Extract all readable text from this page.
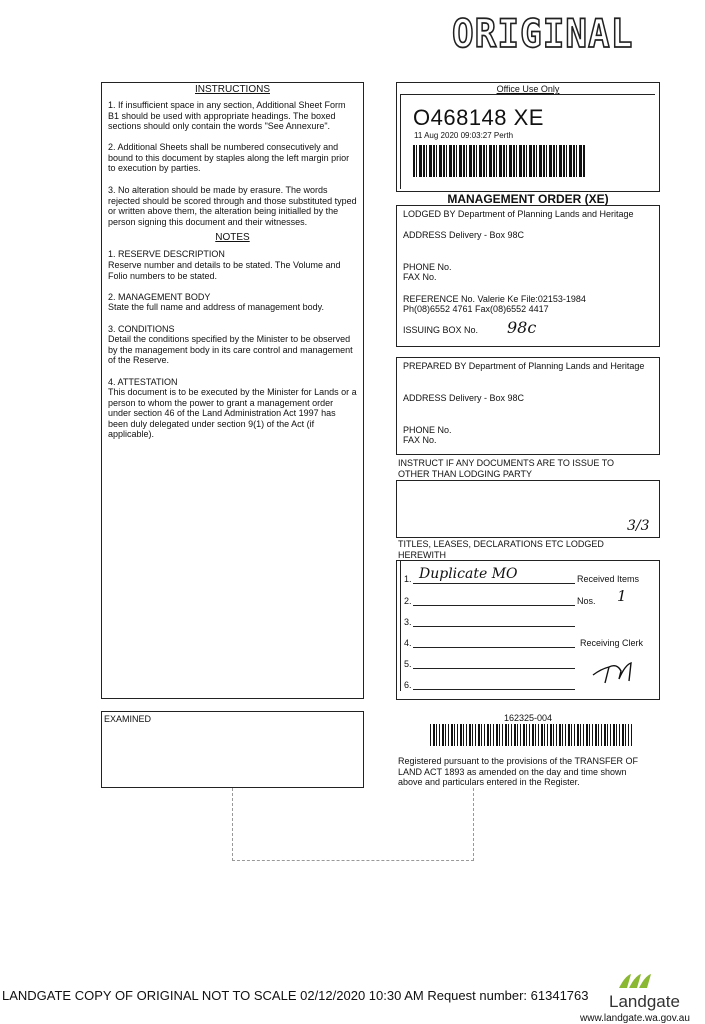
ORIGINAL
INSTRUCTIONS
1. If insufficient space in any section, Additional Sheet Form B1 should be used with appropriate headings. The boxed sections should only contain the words "See Annexure".
2. Additional Sheets shall be numbered consecutively and bound to this document by staples along the left margin prior to execution by parties.
3. No alteration should be made by erasure. The words rejected should be scored through and those substituted typed or written above them, the alteration being initialled by the person signing this document and their witnesses.
NOTES
1. RESERVE DESCRIPTION
Reserve number and details to be stated. The Volume and Folio numbers to be stated.
2. MANAGEMENT BODY
State the full name and address of management body.
3. CONDITIONS
Detail the conditions specified by the Minister to be observed by the management body in its care control and management of the Reserve.
4. ATTESTATION
This document is to be executed by the Minister for Lands or a person to whom the power to grant a management order under section 46 of the Land Administration Act 1997 has been duly delegated under section 9(1) of the Act (if applicable).
Office Use Only
O468148 XE
11 Aug 2020 09:03:27 Perth
MANAGEMENT ORDER (XE)
LODGED BY Department of Planning Lands and Heritage
ADDRESS Delivery - Box 98C
PHONE No.
FAX No.
REFERENCE No. Valerie Ke File:02153-1984
Ph(08)6552 4761 Fax(08)6552 4417
ISSUING BOX No. 98c
PREPARED BY Department of Planning Lands and Heritage
ADDRESS Delivery - Box 98C
PHONE No.
FAX No.
INSTRUCT IF ANY DOCUMENTS ARE TO ISSUE TO OTHER THAN LODGING PARTY
3/3
TITLES, LEASES, DECLARATIONS ETC LODGED HEREWITH
1. Duplicate MO	Received Items
2.	Nos. 1
3.
4.	Receiving Clerk
5.
6.
EXAMINED	162325-004
Registered pursuant to the provisions of the TRANSFER OF LAND ACT 1893 as amended on the day and time shown above and particulars entered in the Register.
LANDGATE COPY OF ORIGINAL NOT TO SCALE 02/12/2020 10:30 AM Request number: 61341763 Landgate
www.landgate.wa.gov.au
